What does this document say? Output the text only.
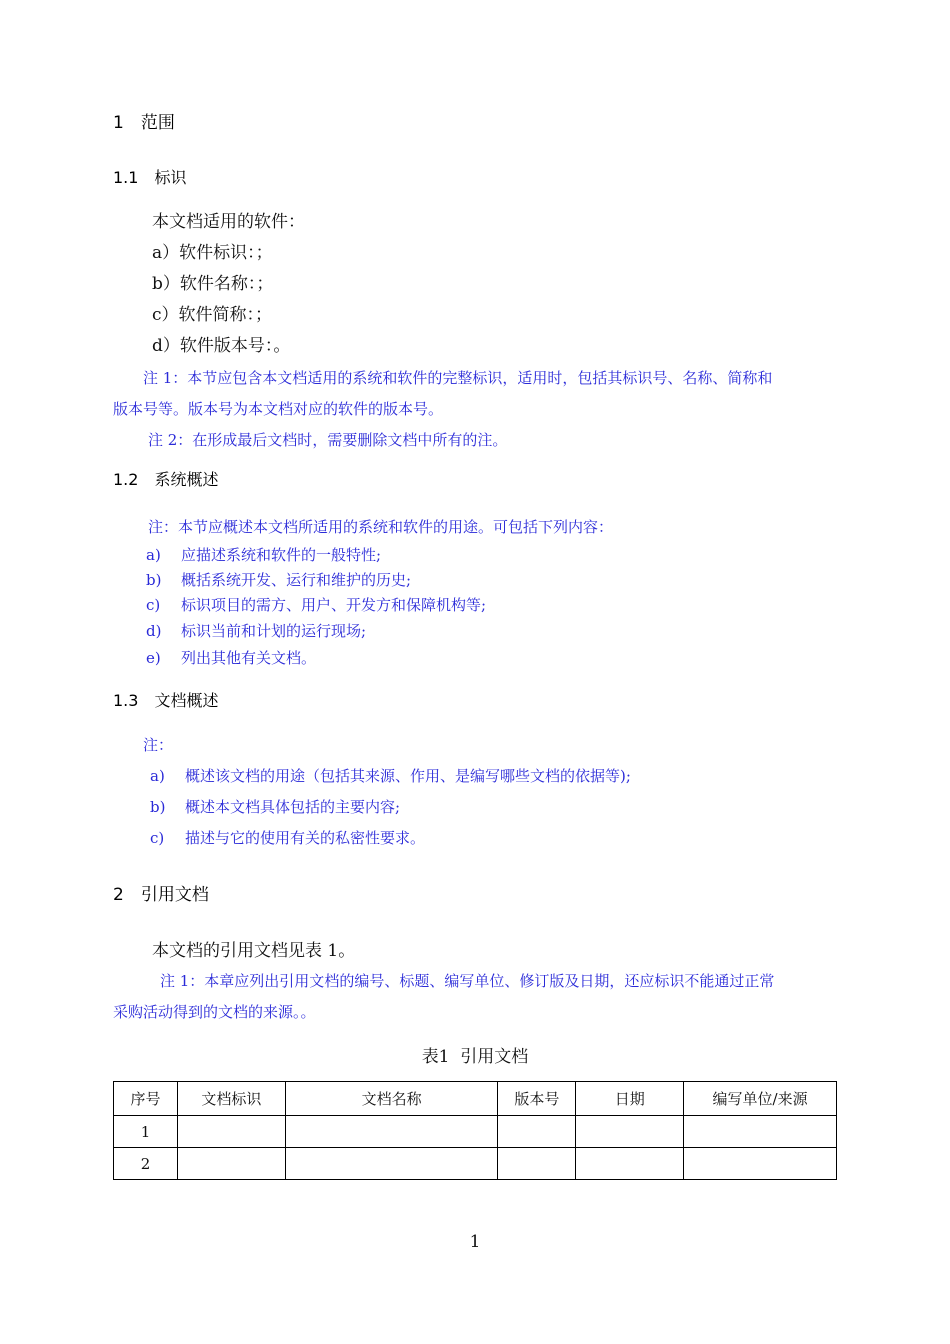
1 范围
1.1 标识
本文档适用的软件：
a）软件标识：；
b）软件名称：；
c）软件简称：；
d）软件版本号：。
注 1：本节应包含本文档适用的系统和软件的完整标识，适用时，包括其标识号、名称、简称和
版本号等。版本号为本文档对应的软件的版本号。
注 2：在形成最后文档时，需要删除文档中所有的注。
1.2 系统概述
注：本节应概述本文档所适用的系统和软件的用途。可包括下列内容：
a) 应描述系统和软件的一般特性;
b) 概括系统开发、运行和维护的历史;
c) 标识项目的需方、用户、开发方和保障机构等;
d) 标识当前和计划的运行现场;
e) 列出其他有关文档。
1.3 文档概述
注：
a) 概述该文档的用途（包括其来源、作用、是编写哪些文档的依据等);
b) 概述本文档具体包括的主要内容;
c) 描述与它的使用有关的私密性要求。
2 引用文档
本文档的引用文档见表 1。
注 1：本章应列出引用文档的编号、标题、编写单位、修订版及日期，还应标识不能通过正常
采购活动得到的文档的来源。。
表1  引用文档
序号	文档标识	文档名称	版本号	日期	编写单位/来源
1					
2					
1
